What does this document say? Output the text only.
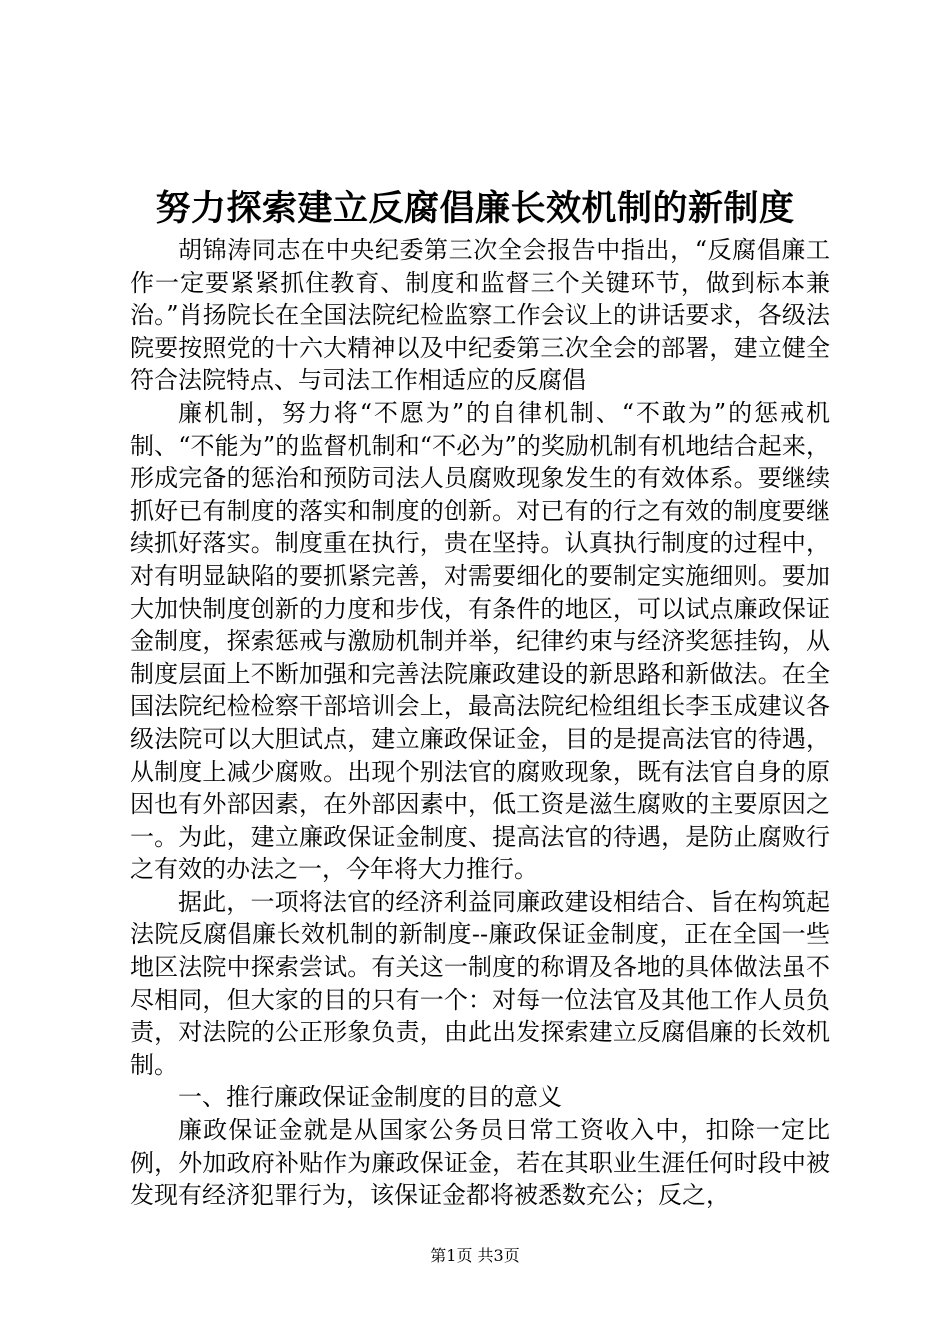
努力探索建立反腐倡廉长效机制的新制度

胡锦涛同志在中央纪委第三次全会报告中指出，“反腐倡廉工作一定要紧紧抓住教育、制度和监督三个关键环节，做到标本兼治。”肖扬院长在全国法院纪检监察工作会议上的讲话要求，各级法院要按照党的十六大精神以及中纪委第三次全会的部署，建立健全符合法院特点、与司法工作相适应的反腐倡

廉机制，努力将“不愿为”的自律机制、“不敢为”的惩戒机制、“不能为”的监督机制和“不必为”的奖励机制有机地结合起来，形成完备的惩治和预防司法人员腐败现象发生的有效体系。要继续抓好已有制度的落实和制度的创新。对已有的行之有效的制度要继续抓好落实。制度重在执行，贵在坚持。认真执行制度的过程中，对有明显缺陷的要抓紧完善，对需要细化的要制定实施细则。要加大加快制度创新的力度和步伐，有条件的地区，可以试点廉政保证金制度，探索惩戒与激励机制并举，纪律约束与经济奖惩挂钩，从制度层面上不断加强和完善法院廉政建设的新思路和新做法。在全国法院纪检检察干部培训会上，最高法院纪检组组长李玉成建议各级法院可以大胆试点，建立廉政保证金，目的是提高法官的待遇，从制度上减少腐败。出现个别法官的腐败现象，既有法官自身的原因也有外部因素，在外部因素中，低工资是滋生腐败的主要原因之一。为此，建立廉政保证金制度、提高法官的待遇，是防止腐败行之有效的办法之一，今年将大力推行。

据此，一项将法官的经济利益同廉政建设相结合、旨在构筑起法院反腐倡廉长效机制的新制度--廉政保证金制度，正在全国一些地区法院中探索尝试。有关这一制度的称谓及各地的具体做法虽不尽相同，但大家的目的只有一个：对每一位法官及其他工作人员负责，对法院的公正形象负责，由此出发探索建立反腐倡廉的长效机制。

一、推行廉政保证金制度的目的意义

廉政保证金就是从国家公务员日常工资收入中，扣除一定比例，外加政府补贴作为廉政保证金，若在其职业生涯任何时段中被发现有经济犯罪行为，该保证金都将被悉数充公；反之，

第1页 共3页
